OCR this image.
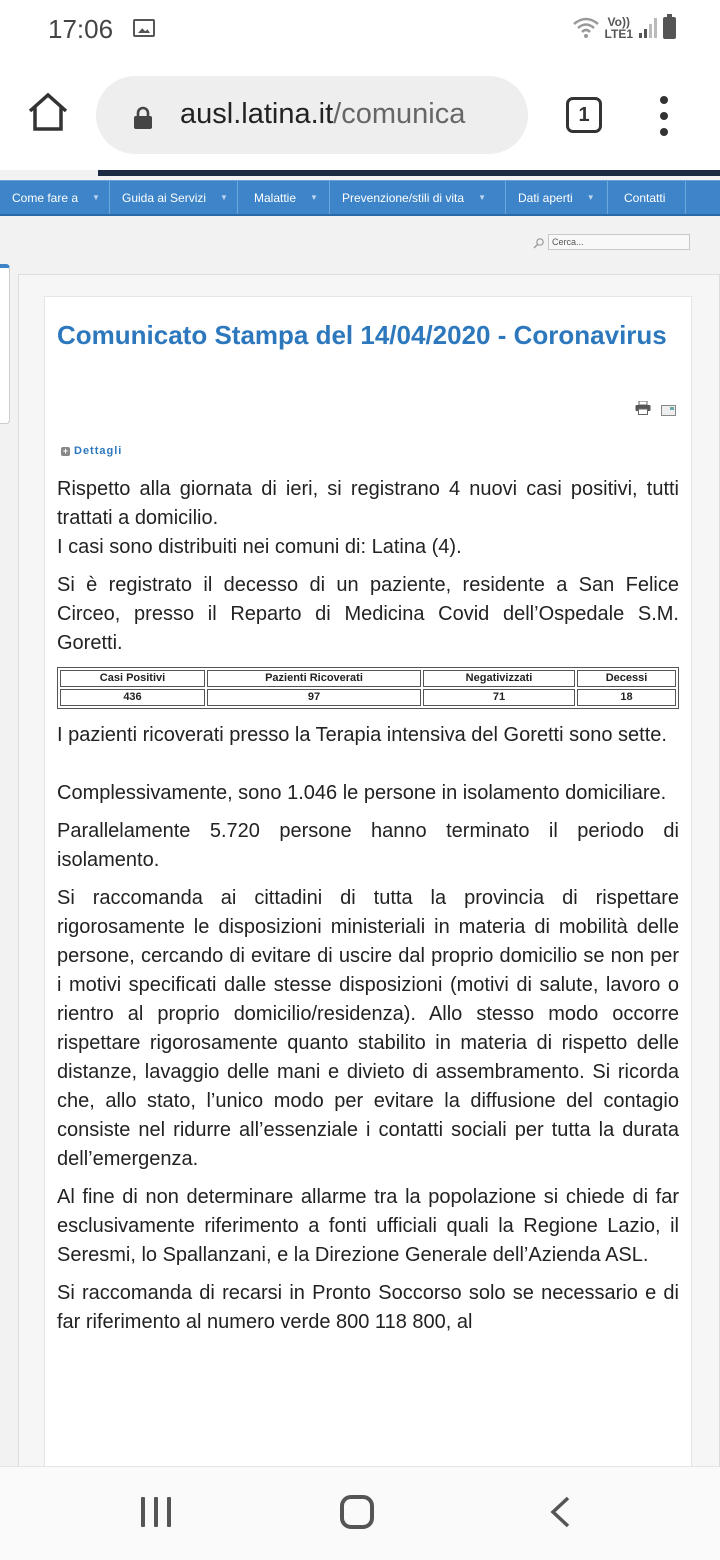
17:06	Vo))
LTE1
ausl.latina.it/comunica	1
Come fare a ▼ Guida ai Servizi ▼ Malattie ▼ Prevenzione/stili di vita ▼	Dati aperti ▼ Contatti
Cerca...
Comunicato Stampa del 14/04/2020 - Coronavirus
+ Dettagli

Rispetto alla giornata di ieri, si registrano 4 nuovi casi positivi, tutti trattati a domicilio.
I casi sono distribuiti nei comuni di: Latina (4).

Si è registrato il decesso di un paziente, residente a San Felice Circeo, presso il Reparto di Medicina Covid dell’Ospedale S.M. Goretti.

Casi Positivi	Pazienti Ricoverati	Negativizzati	Decessi
436	97	71	18

I pazienti ricoverati presso la Terapia intensiva del Goretti sono sette.

Complessivamente, sono 1.046 le persone in isolamento domiciliare.

Parallelamente 5.720 persone hanno terminato il periodo di isolamento.

Si raccomanda ai cittadini di tutta la provincia di rispettare rigorosamente le disposizioni ministeriali in materia di mobilità delle persone, cercando di evitare di uscire dal proprio domicilio se non per i motivi specificati dalle stesse disposizioni (motivi di salute, lavoro o rientro al proprio domicilio/residenza). Allo stesso modo occorre rispettare rigorosamente quanto stabilito in materia di rispetto delle distanze, lavaggio delle mani e divieto di assembramento. Si ricorda che, allo stato, l’unico modo per evitare la diffusione del contagio consiste nel ridurre all’essenziale i contatti sociali per tutta la durata dell’emergenza.

Al fine di non determinare allarme tra la popolazione si chiede di far esclusivamente riferimento a fonti ufficiali quali la Regione Lazio, il Seresmi, lo Spallanzani, e la Direzione Generale dell’Azienda ASL.

Si raccomanda di recarsi in Pronto Soccorso solo se necessario e di far riferimento al numero verde 800 118 800, al
